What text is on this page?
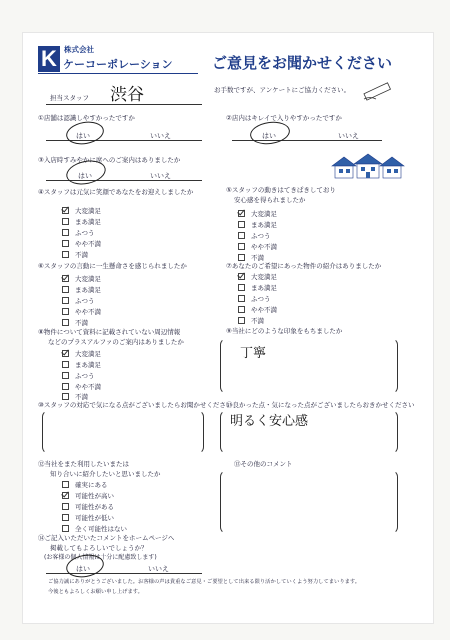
K 株式会社
ケーコーポレーション	ご意見をお聞かせください
担当スタッフ 渋谷	お手数ですが、アンケートにご協力ください。
①店舗は認識しやすかったですか
はい	いいえ
②店内はキレイで入りやすかったですか
はい	いいえ
③入店時すみやかに席へのご案内はありましたか
はい	いいえ
④スタッフは元気に笑顔であなたをお迎えしましたか
大変満足
まあ満足
ふつう
やや不満
不満
⑤スタッフの動きはてきぱきしており
安心感を得られましたか
大変満足
まあ満足
ふつう
やや不満
不満
⑥スタッフの言動に一生懸命さを感じられましたか
大変満足
まあ満足
ふつう
やや不満
不満
⑦あなたのご希望にあった物件の紹介はありましたか
大変満足
まあ満足
ふつう
やや不満
不満
⑧物件について資料に記載されていない周辺情報
などのプラスアルファのご案内はありましたか
大変満足
まあ満足
ふつう
やや不満
不満
⑨当社にどのような印象をもちましたか
丁寧
⑩スタッフの対応で気になる点がございましたらお聞かせください
⑪良かった点・気になった点がございましたらおきかせください
明るく安心感
⑫当社をまた利用したいまたは
知り合いに紹介したいと思いましたか
確実にある
可能性が高い
可能性がある
可能性が低い
全く可能性はない
⑬その他のコメント
⑭ご記入いただいたコメントをホームページへ
掲載してもよろしいでしょうか？
(お客様の個人情報は十分に配慮致します)
はい	いいえ
ご協力誠にありがとうございました。お客様の声は貴重なご意見・ご要望として出来る限り活かしていくよう努力してまいります。
今後ともよろしくお願い申し上げます。
